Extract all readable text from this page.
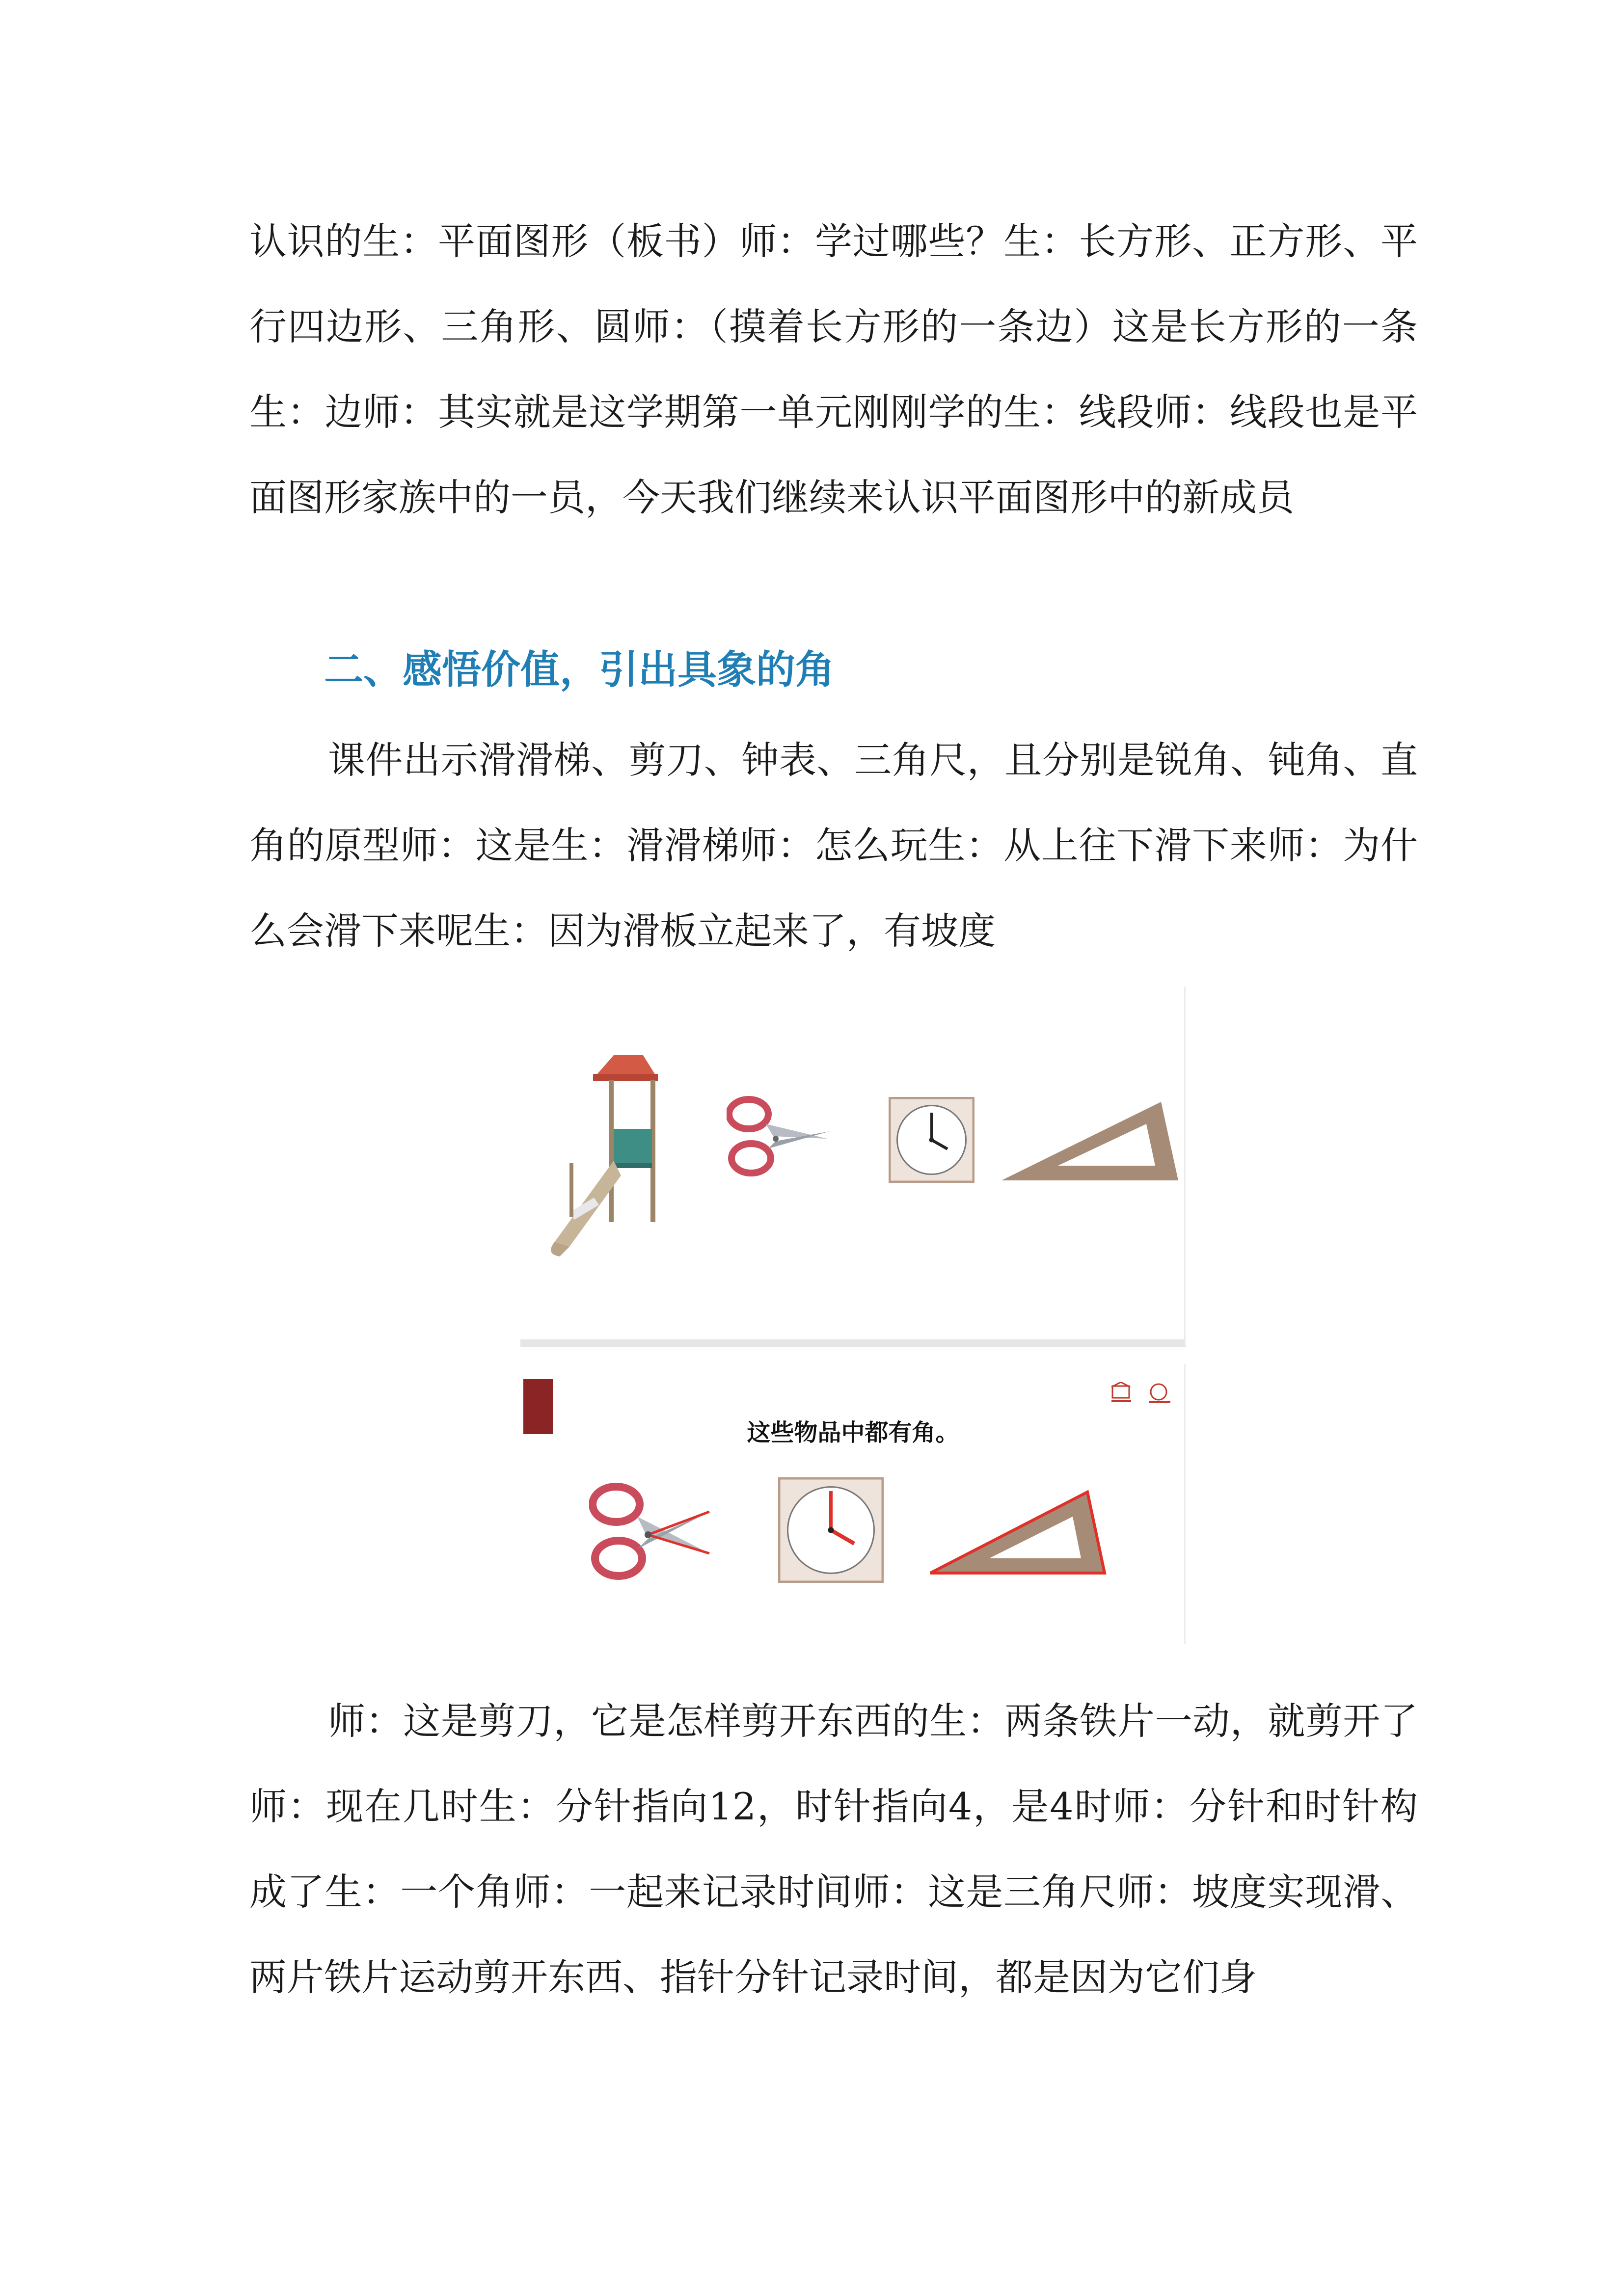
认识的生：平面图形（板书）师：学过哪些？生：长方形、正方形、平行四边形、三角形、圆师：（摸着长方形的一条边）这是长方形的一条生：边师：其实就是这学期第一单元刚刚学的生：线段师：线段也是平面图形家族中的一员，今天我们继续来认识平面图形中的新成员

二、感悟价值，引出具象的角

课件出示滑滑梯、剪刀、钟表、三角尺，且分别是锐角、钝角、直角的原型师：这是生：滑滑梯师：怎么玩生：从上往下滑下来师：为什么会滑下来呢生：因为滑板立起来了，有坡度

这些物品中都有角。

师：这是剪刀，它是怎样剪开东西的生：两条铁片一动，就剪开了师：现在几时生：分针指向12，时针指向4，是4时师：分针和时针构成了生：一个角师：一起来记录时间师：这是三角尺师：坡度实现滑、两片铁片运动剪开东西、指针分针记录时间，都是因为它们身
